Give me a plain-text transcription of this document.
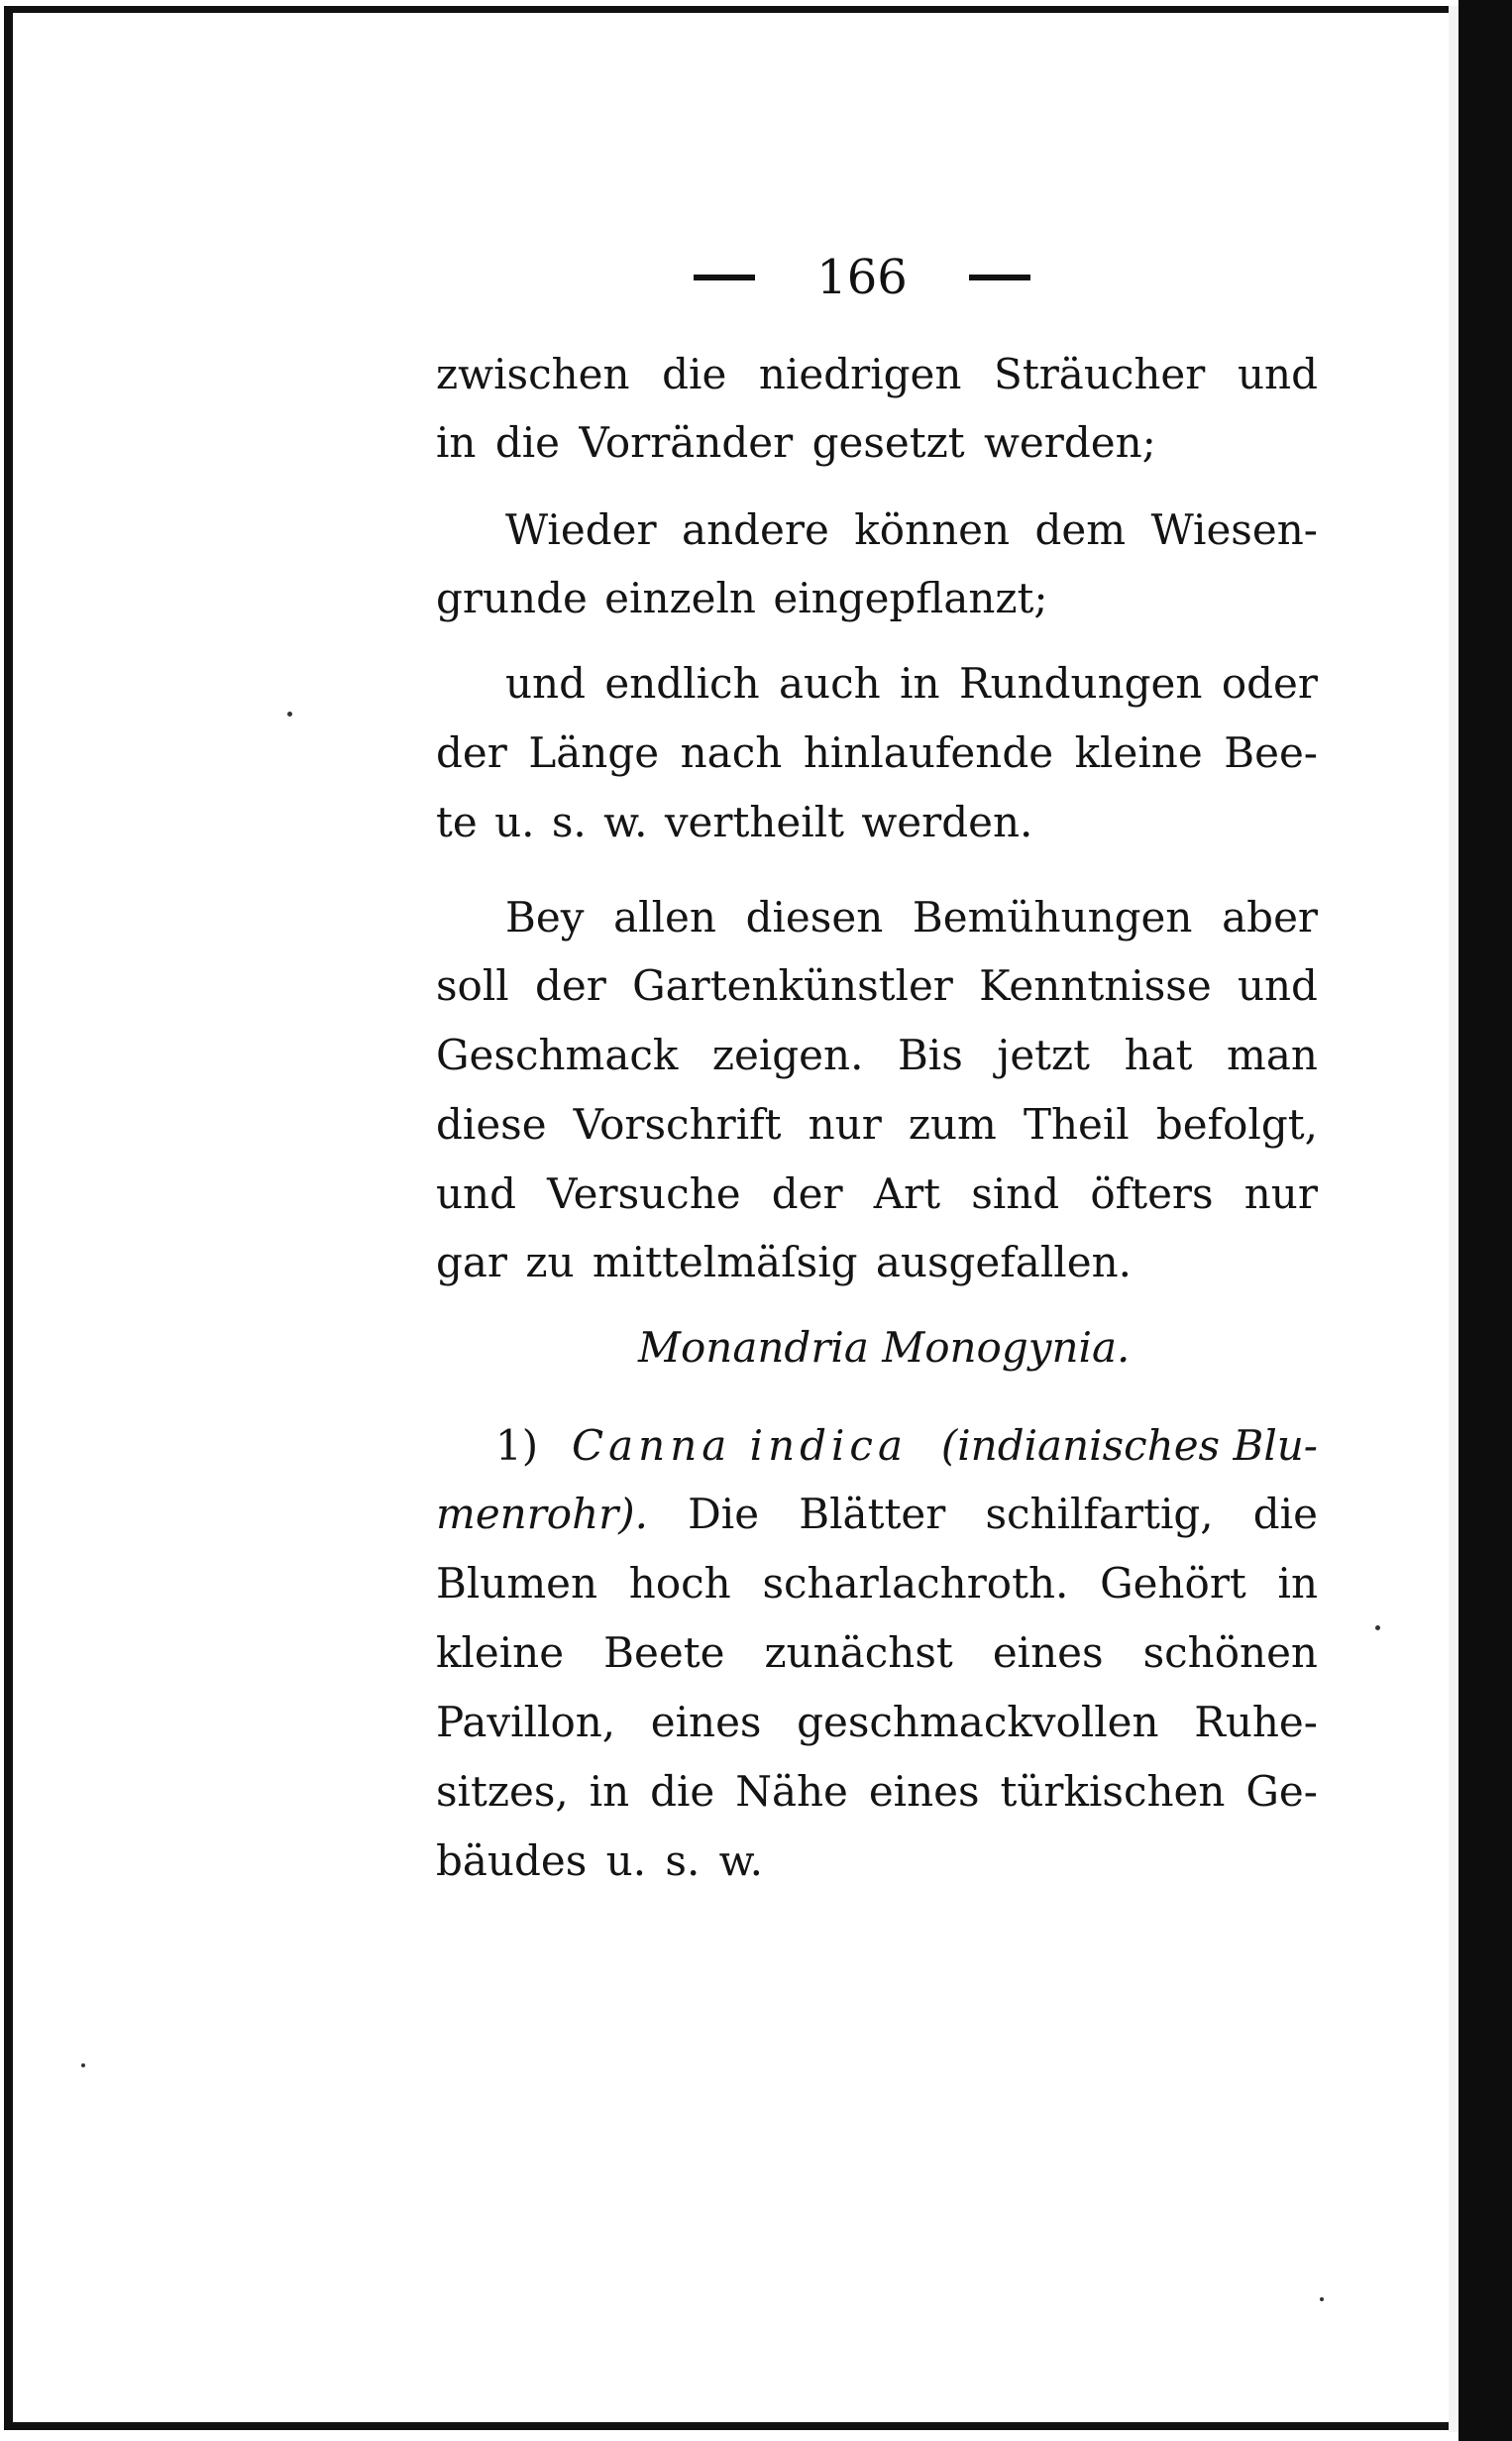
166
zwischen die niedrigen Sträucher und
in die Vorränder gesetzt werden;
Wieder andere können dem Wiesen-
grunde einzeln eingepflanzt;
und endlich auch in Rundungen oder
der Länge nach hinlaufende kleine Bee-
te u. s. w. vertheilt werden.
Bey allen diesen Bemühungen aber
soll der Gartenkünstler Kenntnisse und
Geschmack zeigen. Bis jetzt hat man
diese Vorschrift nur zum Theil befolgt,
und Versuche der Art sind öfters nur
gar zu mittelmäſsig ausgefallen.
Monandria Monogynia.
1) Canna indica (indianisches Blu-
menrohr). Die Blätter schilfartig, die
Blumen hoch scharlachroth. Gehört in
kleine Beete zunächst eines schönen
Pavillon, eines geschmackvollen Ruhe-
sitzes, in die Nähe eines türkischen Ge-
bäudes u. s. w.
